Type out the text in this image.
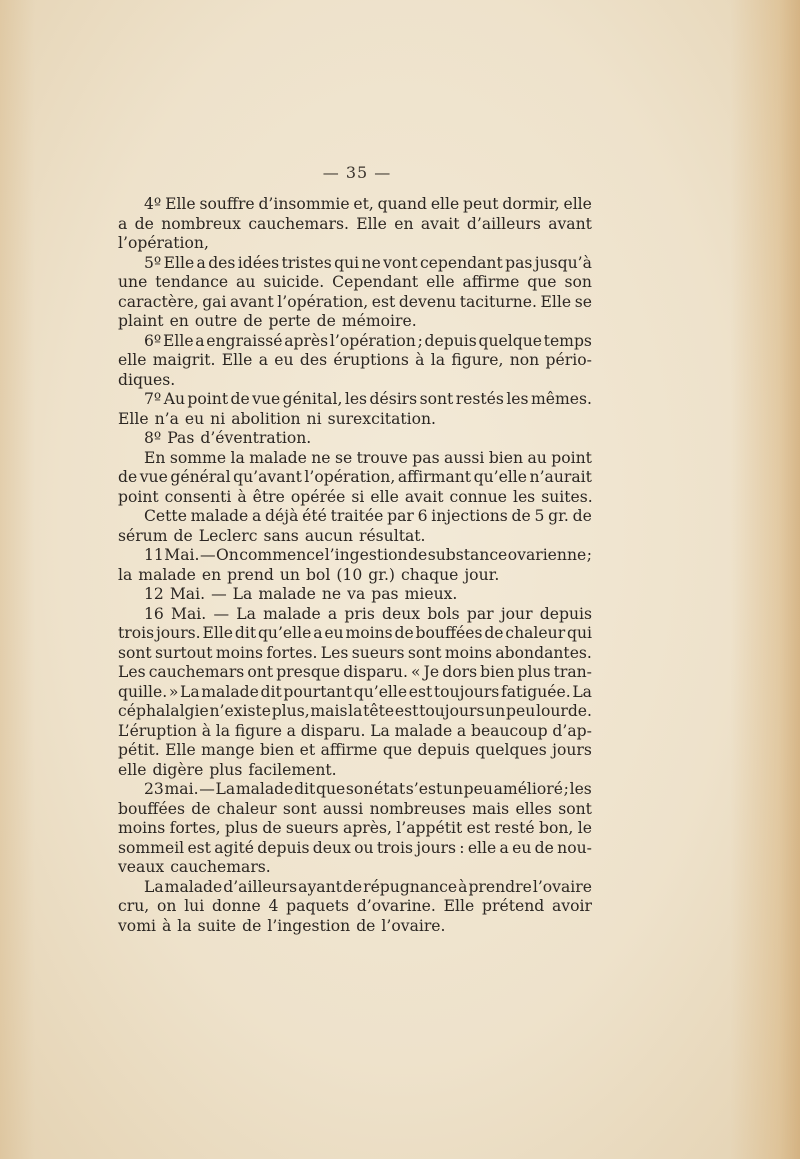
— 35 —
4º Elle souffre d’insommie et, quand elle peut dormir, elle
a de nombreux cauchemars. Elle en avait d’ailleurs avant
l’opération,
5º Elle a des idées tristes qui ne vont cependant pas jusqu’à
une tendance au suicide. Cependant elle affirme que son
caractère, gai avant l’opération, est devenu taciturne. Elle se
plaint en outre de perte de mémoire.
6º Elle a engraissé après l’opération ; depuis quelque temps
elle maigrit. Elle a eu des éruptions à la figure, non pério-
diques.
7º Au point de vue génital, les désirs sont restés les mêmes.
Elle n’a eu ni abolition ni surexcitation.
8º Pas d’éventration.
En somme la malade ne se trouve pas aussi bien au point
de vue général qu’avant l’opération, affirmant qu’elle n’aurait
point consenti à être opérée si elle avait connue les suites.
Cette malade a déjà été traitée par 6 injections de 5 gr. de
sérum de Leclerc sans aucun résultat.
11 Mai. — On commence l’ingestion de substance ovarienne ;
la malade en prend un bol (10 gr.) chaque jour.
12 Mai. — La malade ne va pas mieux.
16 Mai. — La malade a pris deux bols par jour depuis
trois jours. Elle dit qu’elle a eu moins de bouffées de chaleur qui
sont surtout moins fortes. Les sueurs sont moins abondantes.
Les cauchemars ont presque disparu. « Je dors bien plus tran-
quille. » La malade dit pourtant qu’elle est toujours fatiguée. La
céphalalgie n’existe plus, mais la tête est toujours un peu lourde.
L’éruption à la figure a disparu. La malade a beaucoup d’ap-
pétit. Elle mange bien et affirme que depuis quelques jours
elle digère plus facilement.
23 mai. — La malade dit que son état s’est un peu amélioré ; les
bouffées de chaleur sont aussi nombreuses mais elles sont
moins fortes, plus de sueurs après, l’appétit est resté bon, le
sommeil est agité depuis deux ou trois jours : elle a eu de nou-
veaux cauchemars.
La malade d’ailleurs ayant de répugnance à prendre l’ovaire
cru, on lui donne 4 paquets d’ovarine. Elle prétend avoir
vomi à la suite de l’ingestion de l’ovaire.
